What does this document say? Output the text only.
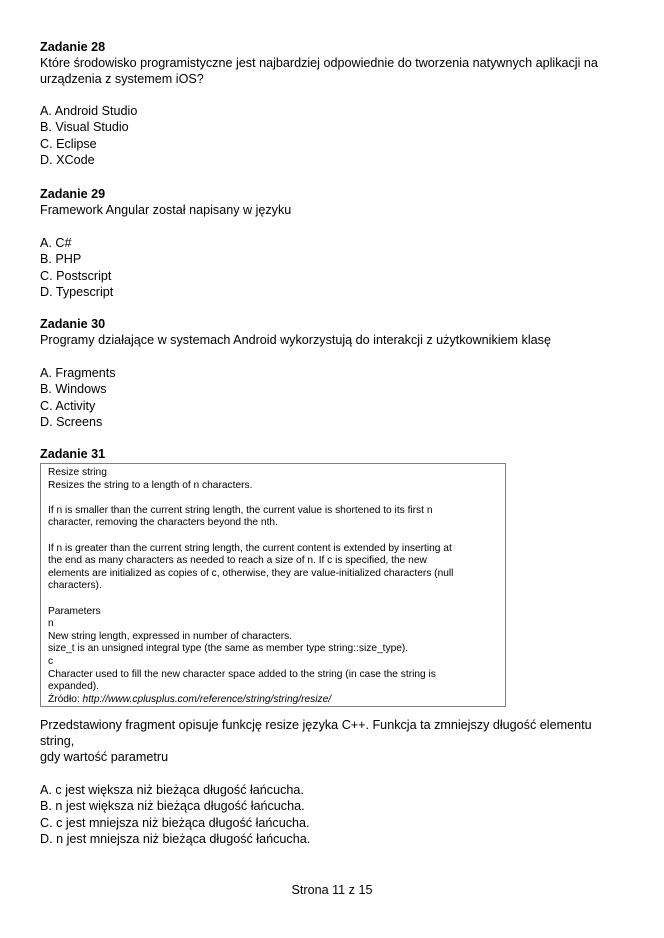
Zadanie 28

Które środowisko programistyczne jest najbardziej odpowiednie do tworzenia natywnych aplikacji na

urządzenia z systemem iOS?

A. Android Studio
B. Visual Studio
C. Eclipse
D. XCode
Zadanie 29

Framework Angular został napisany w języku

A. C#
B. PHP
C. Postscript
D. Typescript
Zadanie 30

Programy działające w systemach Android wykorzystują do interakcji z użytkownikiem klasę

A. Fragments
B. Windows
C. Activity
D. Screens
Zadanie 31

Resize string

Resizes the string to a length of n characters.

If n is smaller than the current string length, the current value is shortened to its first n

character, removing the characters beyond the nth.

If n is greater than the current string length, the current content is extended by inserting at

the end as many characters as needed to reach a size of n. If c is specified, the new

elements are initialized as copies of c, otherwise, they are value-initialized characters (null

characters).

Parameters

n

New string length, expressed in number of characters.

size_t is an unsigned integral type (the same as member type string::size_type).

c

Character used to fill the new character space added to the string (in case the string is

expanded).

Źródło: http://www.cplusplus.com/reference/string/string/resize/

Przedstawiony fragment opisuje funkcję resize języka C++. Funkcja ta zmniejszy długość elementu string,

gdy wartość parametru

A. c jest większa niż bieżąca długość łańcucha.
B. n jest większa niż bieżąca długość łańcucha.
C. c jest mniejsza niż bieżąca długość łańcucha.
D. n jest mniejsza niż bieżąca długość łańcucha.
Strona 11 z 15
